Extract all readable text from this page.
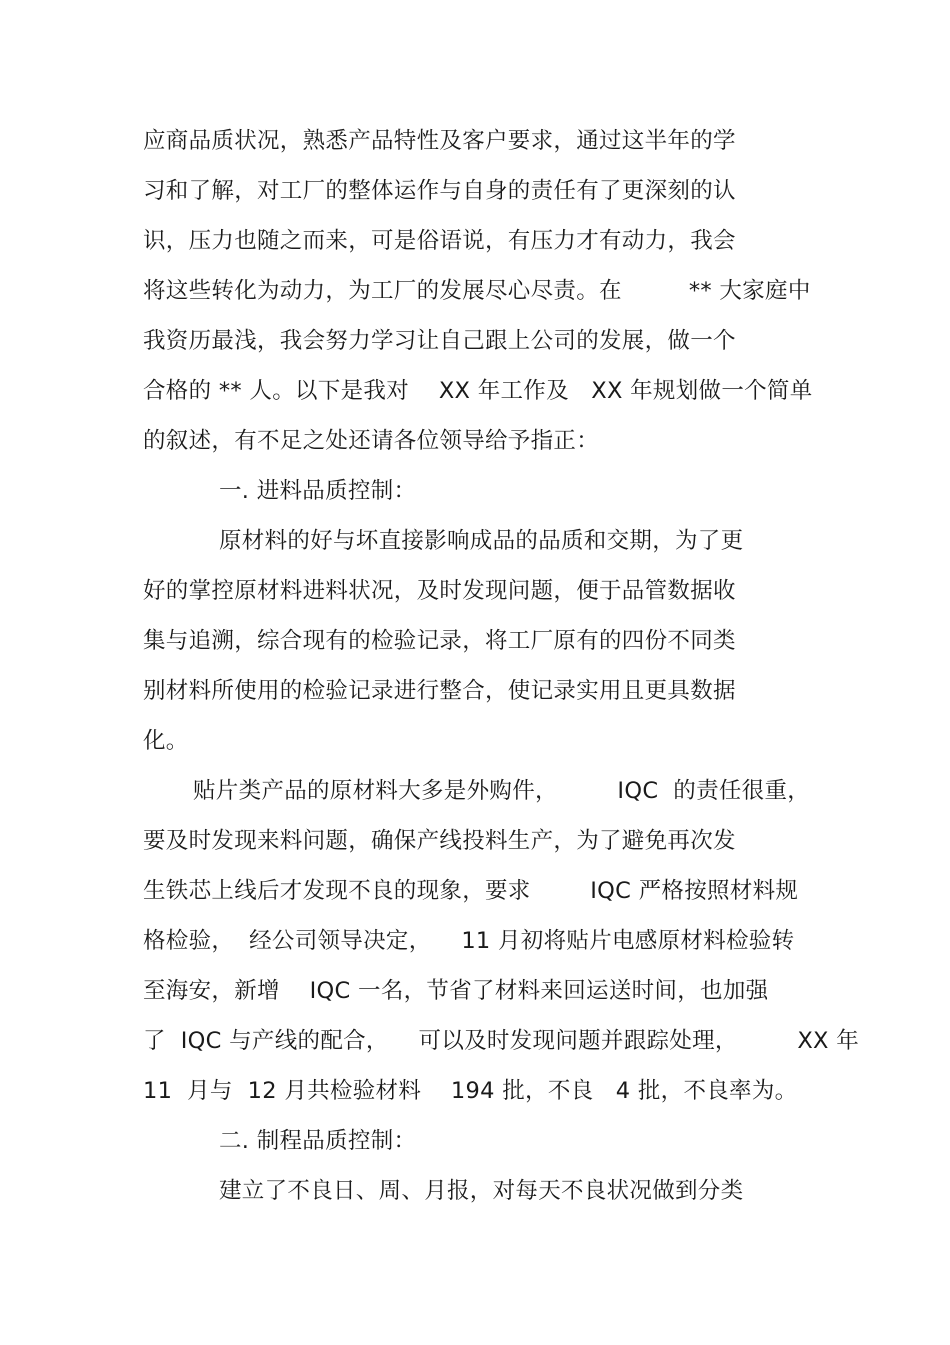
应商品质状况，熟悉产品特性及客户要求，通过这半年的学
习和了解，对工厂的整体运作与自身的责任有了更深刻的认
识，压力也随之而来，可是俗语说，有压力才有动力，我会
将这些转化为动力，为工厂的发展尽心尽责。在         ** 大家庭中
我资历最浅，我会努力学习让自己跟上公司的发展，做一个
合格的 ** 人。以下是我对    XX 年工作及   XX 年规划做一个简单
的叙述，有不足之处还请各位领导给予指正：
一. 进料品质控制：
原材料的好与坏直接影响成品的品质和交期，为了更
好的掌控原材料进料状况，及时发现问题，便于品管数据收
集与追溯，综合现有的检验记录，将工厂原有的四份不同类
别材料所使用的检验记录进行整合，使记录实用且更具数据
化。
贴片类产品的原材料大多是外购件，        IQC  的责任很重，
要及时发现来料问题，确保产线投料生产，为了避免再次发
生铁芯上线后才发现不良的现象，要求        IQC 严格按照材料规
格检验，  经公司领导决定，    11 月初将贴片电感原材料检验转
至海安，新增    IQC 一名，节省了材料来回运送时间，也加强
了  IQC 与产线的配合，    可以及时发现问题并跟踪处理，        XX 年
11  月与  12 月共检验材料    194 批，不良   4 批，不良率为。
二. 制程品质控制：
建立了不良日、周、月报，对每天不良状况做到分类
